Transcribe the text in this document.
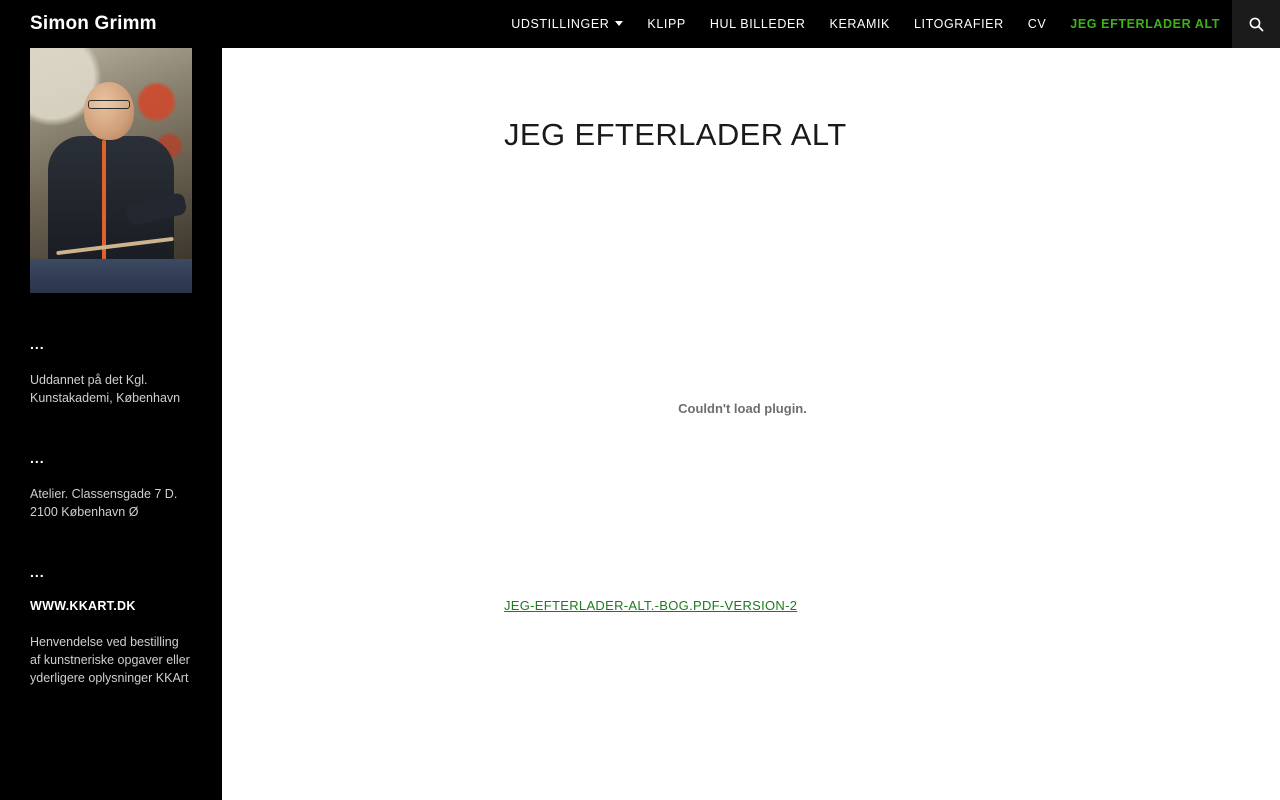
Simon Grimm	UDSTILLINGER	KLIPP	HUL BILLEDER	KERAMIK	LITOGRAFIER	CV	JEG EFTERLADER ALT
...
Uddannet på det Kgl. Kunstakademi, København
...
Atelier. Classensgade 7 D. 2100 København Ø
...
WWW.KKART.DK
Henvendelse ved bestilling af kunstneriske opgaver eller yderligere oplysninger KKArt
JEG EFTERLADER ALT
Couldn't load plugin.
JEG-EFTERLADER-ALT.-BOG.PDF-VERSION-2
